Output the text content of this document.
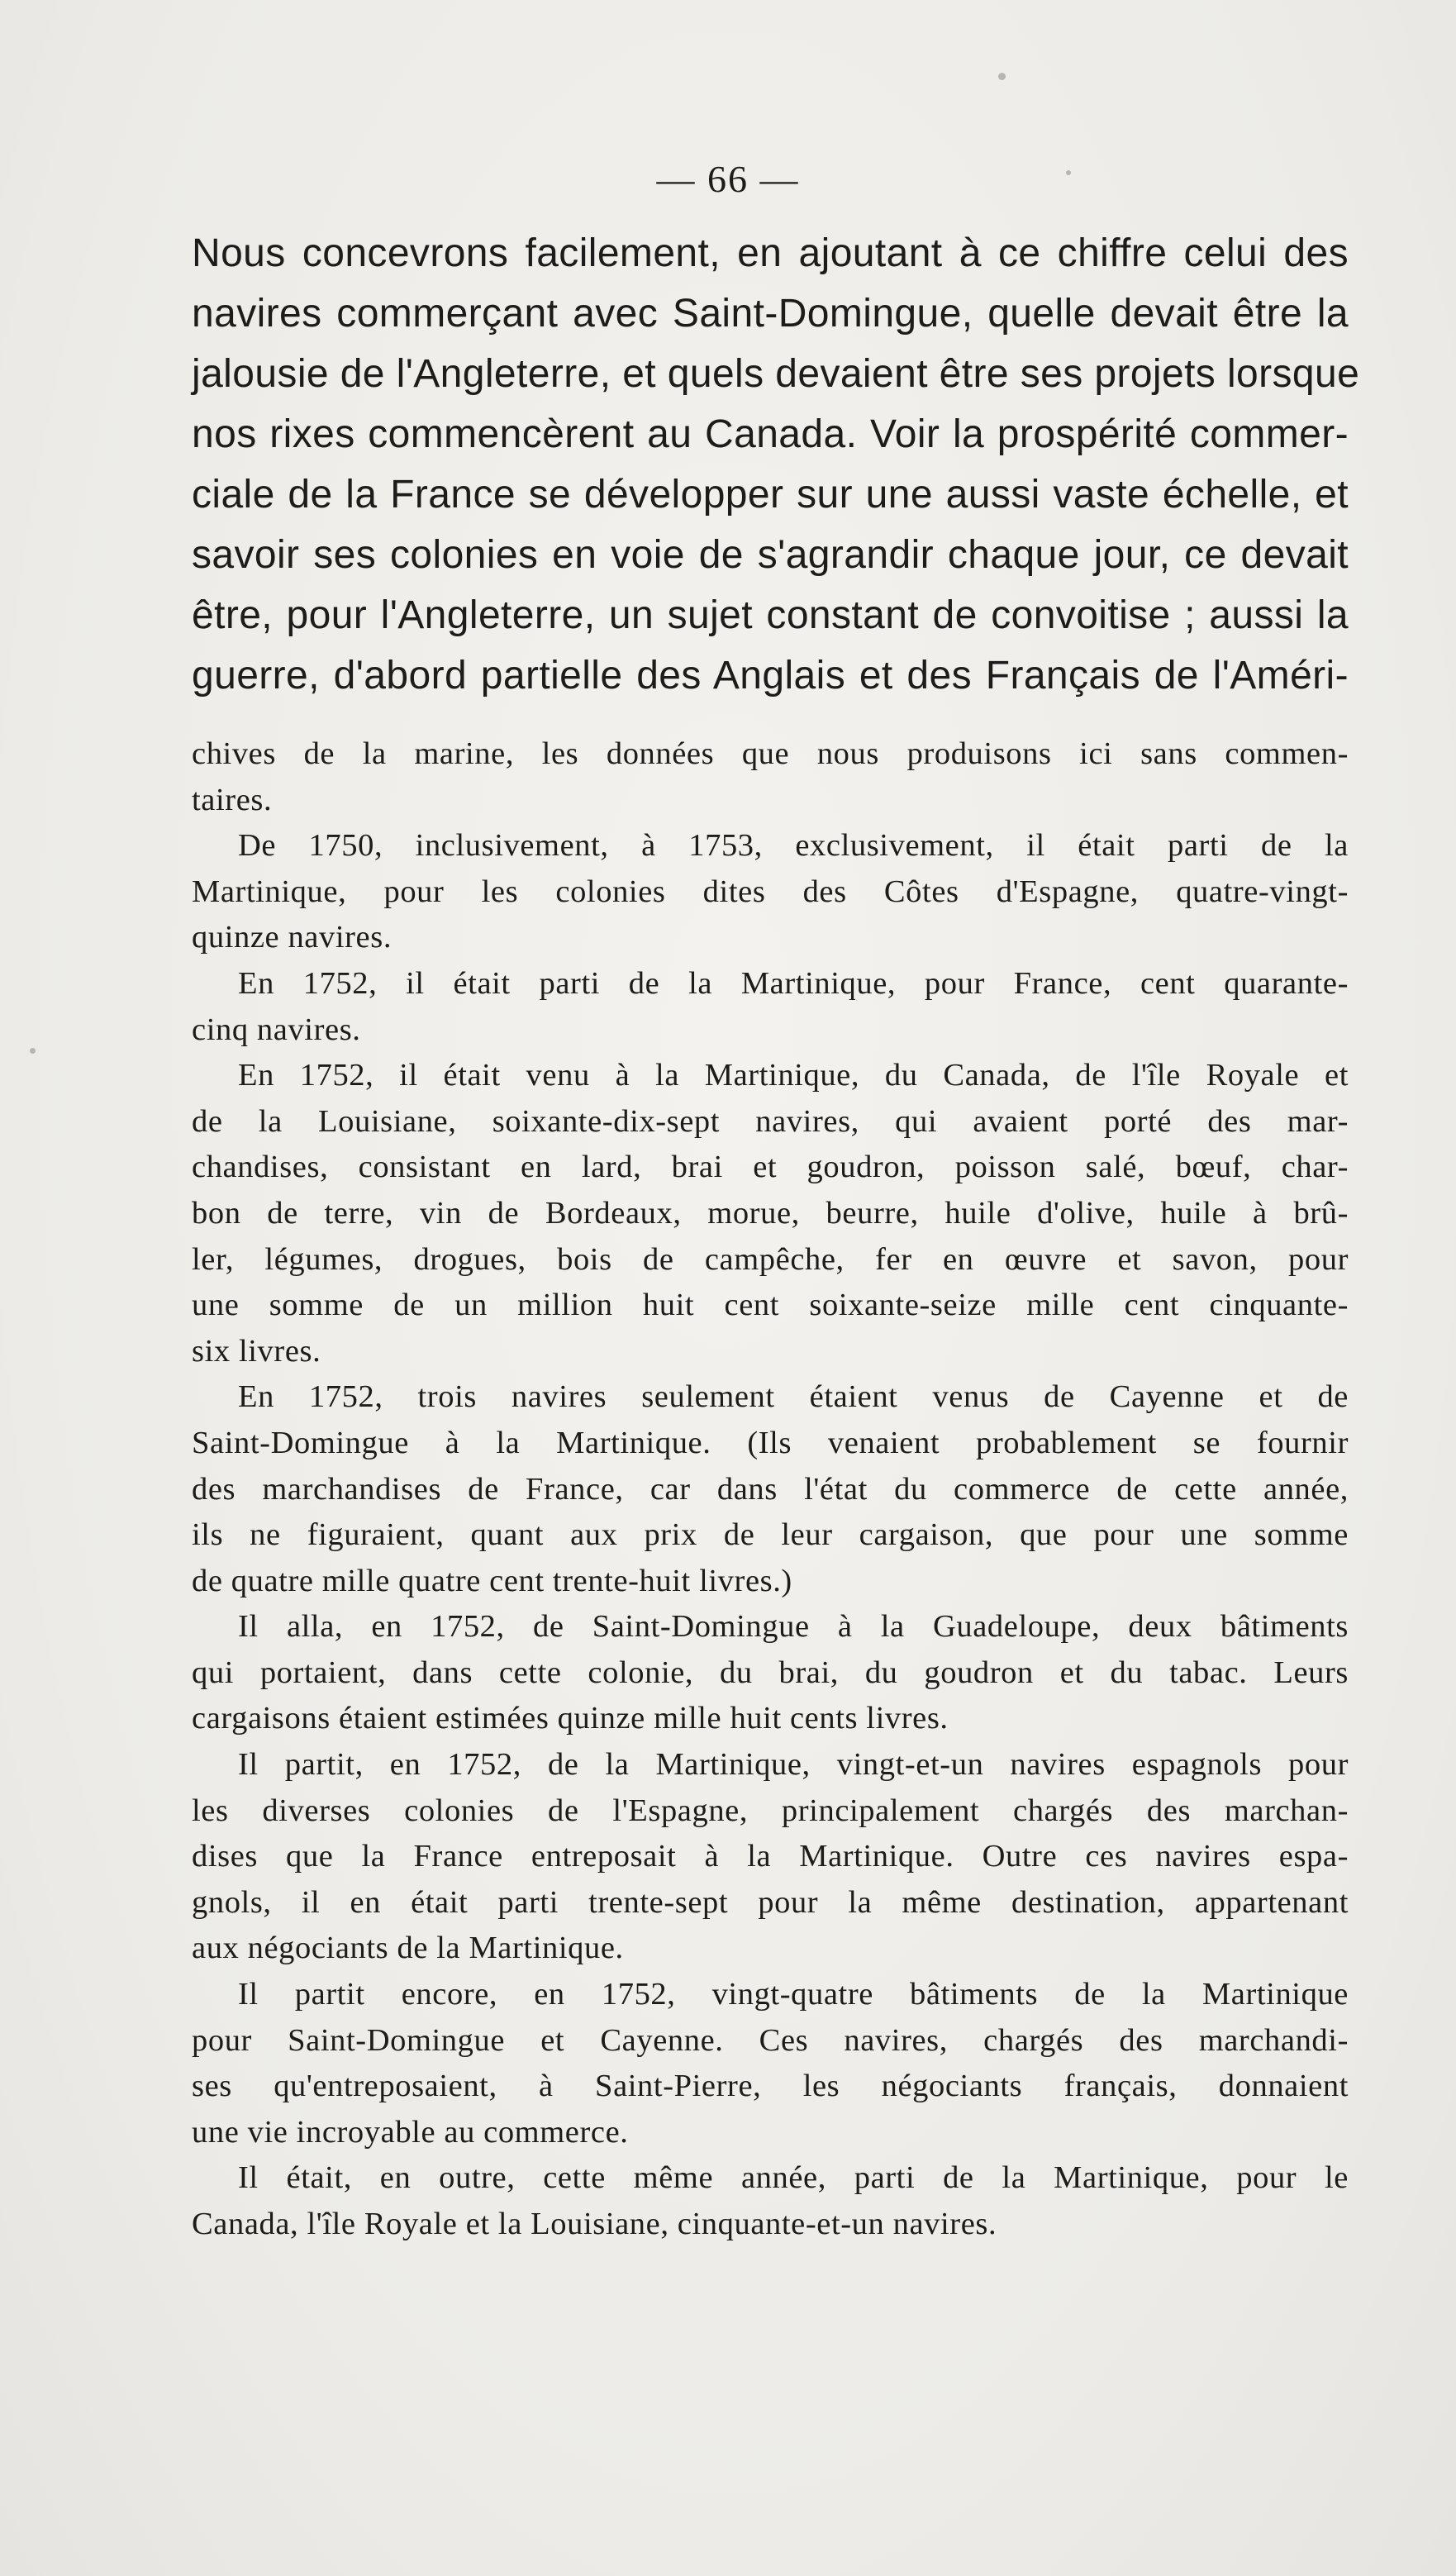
— 66 —
Nous concevrons facilement, en ajoutant à ce chiffre celui des
navires commerçant avec Saint-Domingue, quelle devait être la
jalousie de l'Angleterre, et quels devaient être ses projets lorsque
nos rixes commencèrent au Canada. Voir la prospérité commer-
ciale de la France se développer sur une aussi vaste échelle, et
savoir ses colonies en voie de s'agrandir chaque jour, ce devait
être, pour l'Angleterre, un sujet constant de convoitise ; aussi la
guerre, d'abord partielle des Anglais et des Français de l'Améri-
chives de la marine, les données que nous produisons ici sans commen-
taires.
De 1750, inclusivement, à 1753, exclusivement, il était parti de la
Martinique, pour les colonies dites des Côtes d'Espagne, quatre-vingt-
quinze navires.
En 1752, il était parti de la Martinique, pour France, cent quarante-
cinq navires.
En 1752, il était venu à la Martinique, du Canada, de l'île Royale et
de la Louisiane, soixante-dix-sept navires, qui avaient porté des mar-
chandises, consistant en lard, brai et goudron, poisson salé, bœuf, char-
bon de terre, vin de Bordeaux, morue, beurre, huile d'olive, huile à brû-
ler, légumes, drogues, bois de campêche, fer en œuvre et savon, pour
une somme de un million huit cent soixante-seize mille cent cinquante-
six livres.
En 1752, trois navires seulement étaient venus de Cayenne et de
Saint-Domingue à la Martinique. (Ils venaient probablement se fournir
des marchandises de France, car dans l'état du commerce de cette année,
ils ne figuraient, quant aux prix de leur cargaison, que pour une somme
de quatre mille quatre cent trente-huit livres.)
Il alla, en 1752, de Saint-Domingue à la Guadeloupe, deux bâtiments
qui portaient, dans cette colonie, du brai, du goudron et du tabac. Leurs
cargaisons étaient estimées quinze mille huit cents livres.
Il partit, en 1752, de la Martinique, vingt-et-un navires espagnols pour
les diverses colonies de l'Espagne, principalement chargés des marchan-
dises que la France entreposait à la Martinique. Outre ces navires espa-
gnols, il en était parti trente-sept pour la même destination, appartenant
aux négociants de la Martinique.
Il partit encore, en 1752, vingt-quatre bâtiments de la Martinique
pour Saint-Domingue et Cayenne. Ces navires, chargés des marchandi-
ses qu'entreposaient, à Saint-Pierre, les négociants français, donnaient
une vie incroyable au commerce.
Il était, en outre, cette même année, parti de la Martinique, pour le
Canada, l'île Royale et la Louisiane, cinquante-et-un navires.
